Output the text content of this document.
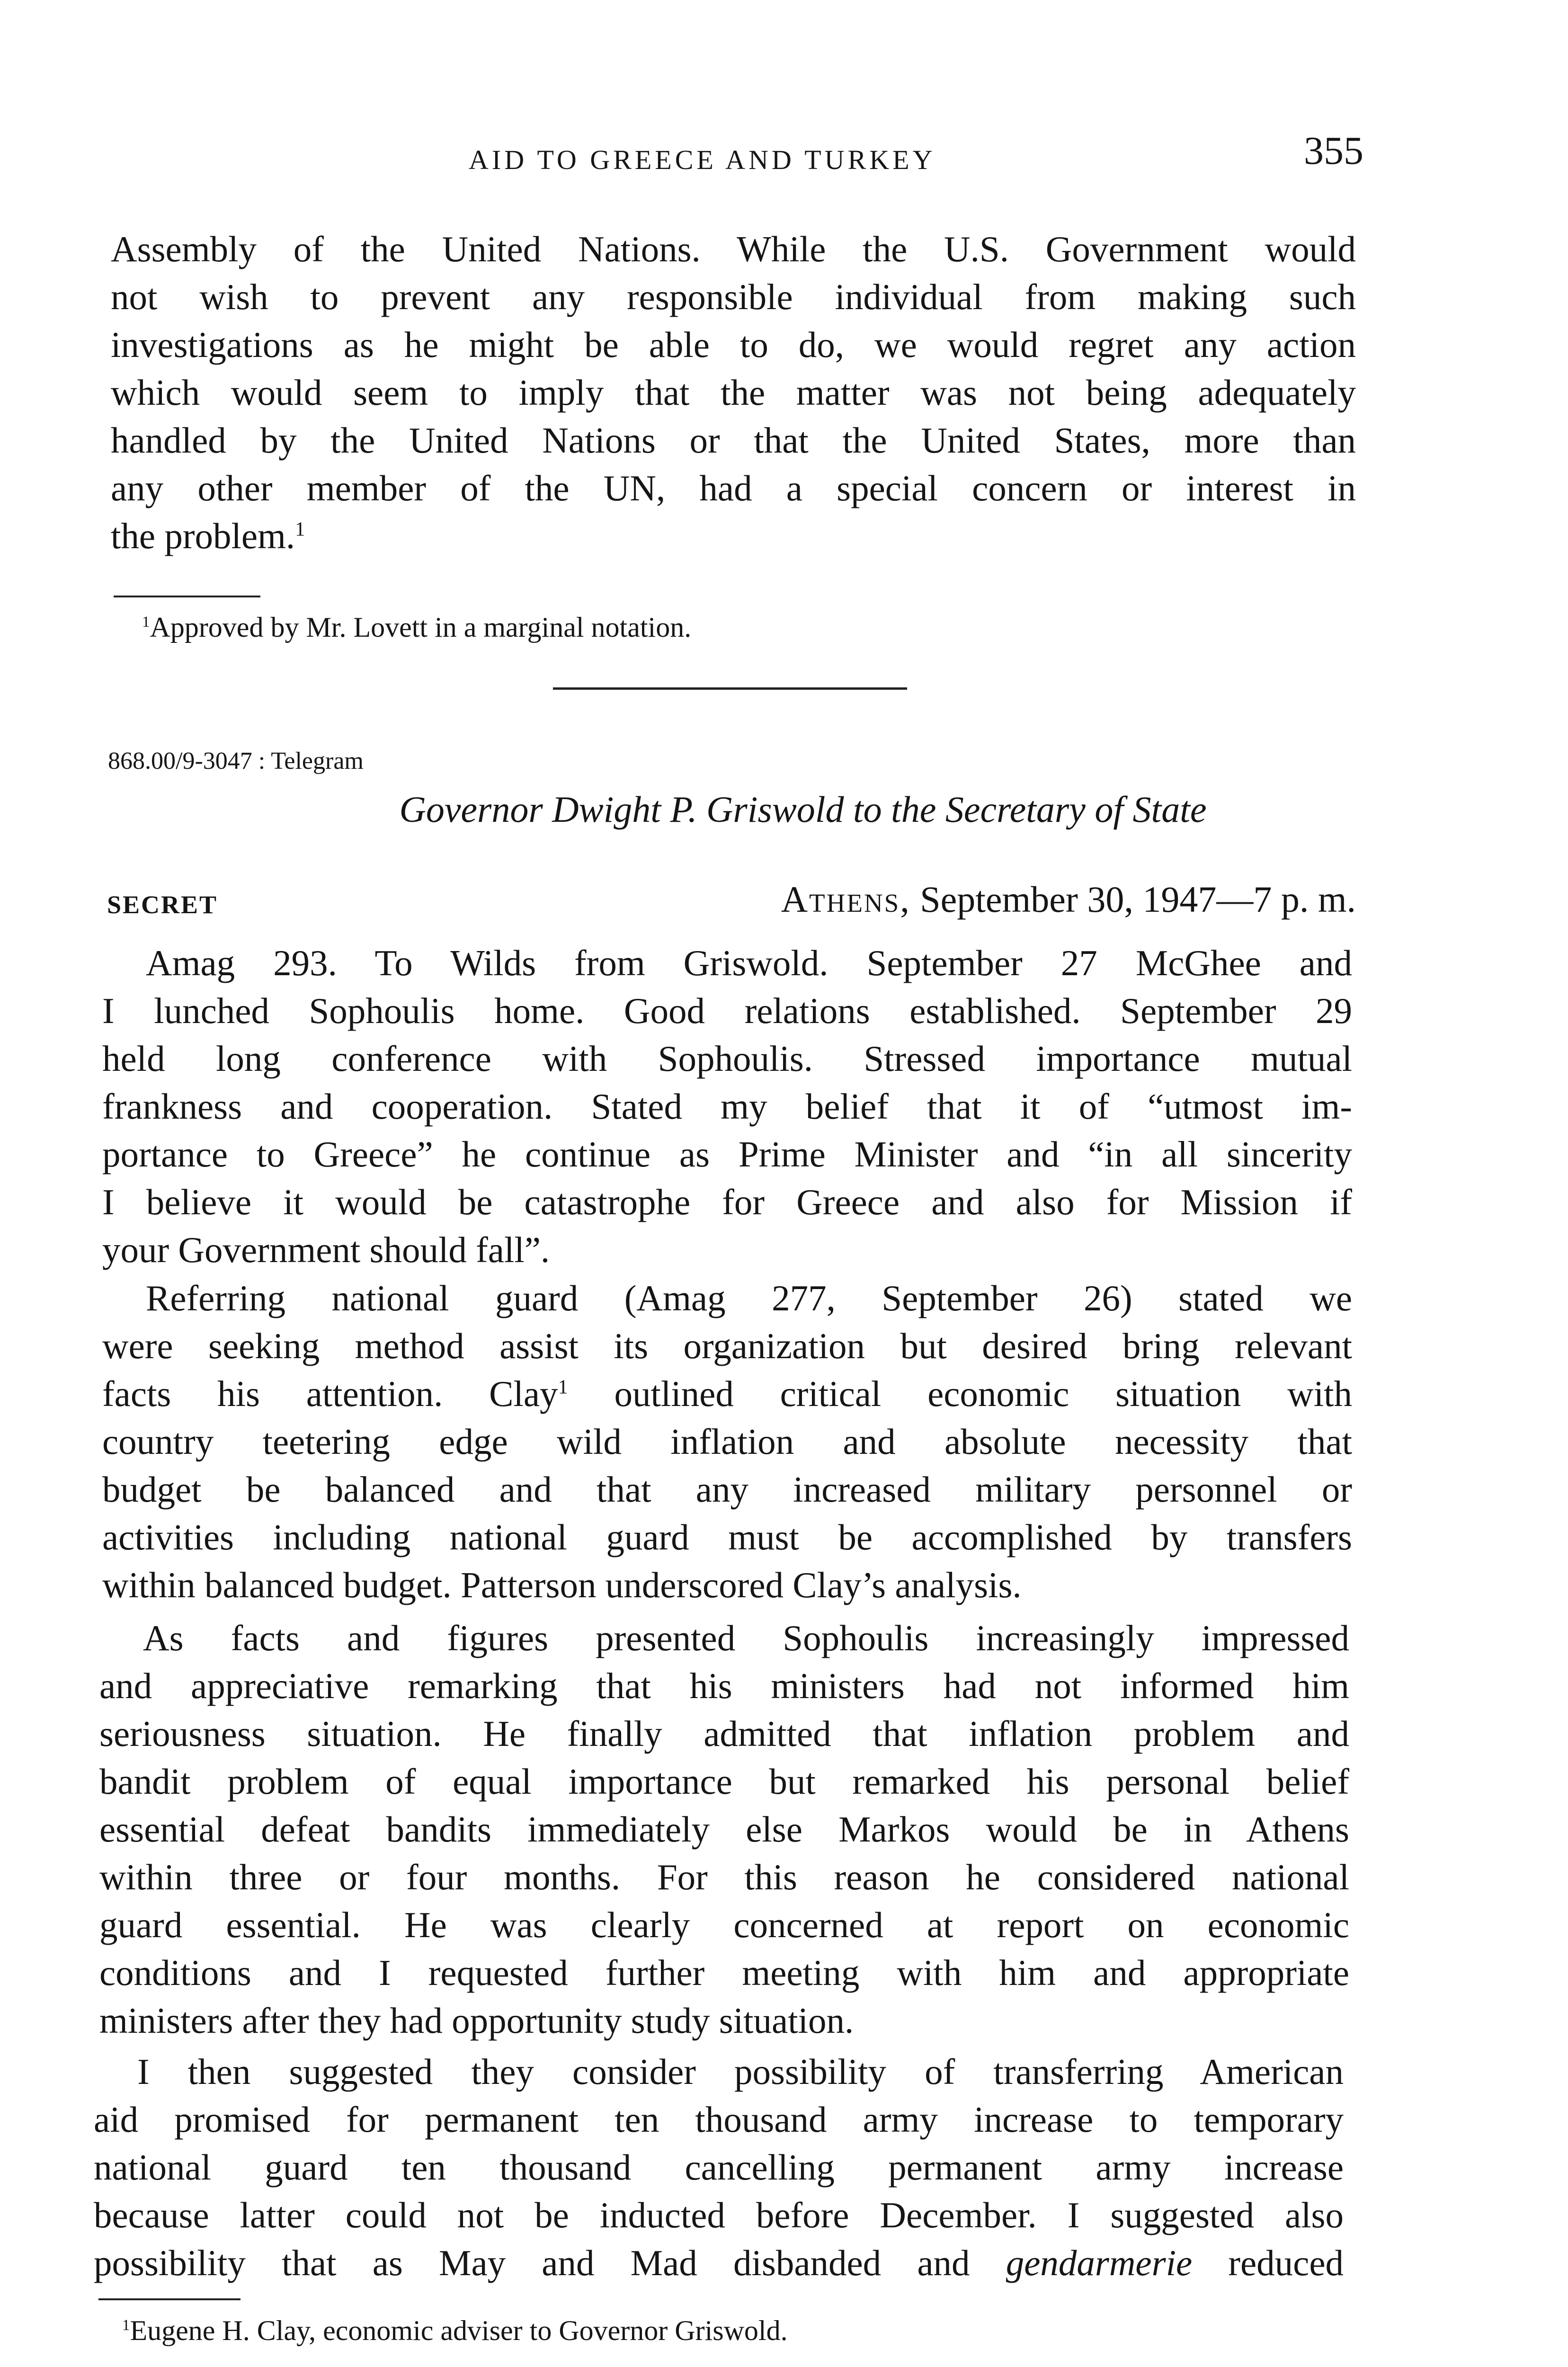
AID TO GREECE AND TURKEY	355
Assembly of the United Nations. While the U.S. Government would
not wish to prevent any responsible individual from making such
investigations as he might be able to do, we would regret any action
which would seem to imply that the matter was not being adequately
handled by the United Nations or that the United States, more than
any other member of the UN, had a special concern or interest in
the problem.$^1$
$^1$Approved by Mr. Lovett in a marginal notation.
868.00/9-3047 : Telegram
Governor Dwight P. Griswold to the Secretary of State
SECRET	Athens, September 30, 1947—7 p. m.
Amag 293. To Wilds from Griswold. September 27 McGhee and
I lunched Sophoulis home. Good relations established. September 29
held long conference with Sophoulis. Stressed importance mutual
frankness and cooperation. Stated my belief that it of “utmost im-
portance to Greece” he continue as Prime Minister and “in all sincerity
I believe it would be catastrophe for Greece and also for Mission if
your Government should fall”.
Referring national guard (Amag 277, September 26) stated we
were seeking method assist its organization but desired bring relevant
facts his attention. Clay$^1$ outlined critical economic situation with
country teetering edge wild inflation and absolute necessity that
budget be balanced and that any increased military personnel or
activities including national guard must be accomplished by transfers
within balanced budget. Patterson underscored Clay’s analysis.
As facts and figures presented Sophoulis increasingly impressed
and appreciative remarking that his ministers had not informed him
seriousness situation. He finally admitted that inflation problem and
bandit problem of equal importance but remarked his personal belief
essential defeat bandits immediately else Markos would be in Athens
within three or four months. For this reason he considered national
guard essential. He was clearly concerned at report on economic
conditions and I requested further meeting with him and appropriate
ministers after they had opportunity study situation.
I then suggested they consider possibility of transferring American
aid promised for permanent ten thousand army increase to temporary
national guard ten thousand cancelling permanent army increase
because latter could not be inducted before December. I suggested also
possibility that as May and Mad disbanded and gendarmerie reduced
$^1$Eugene H. Clay, economic adviser to Governor Griswold.
